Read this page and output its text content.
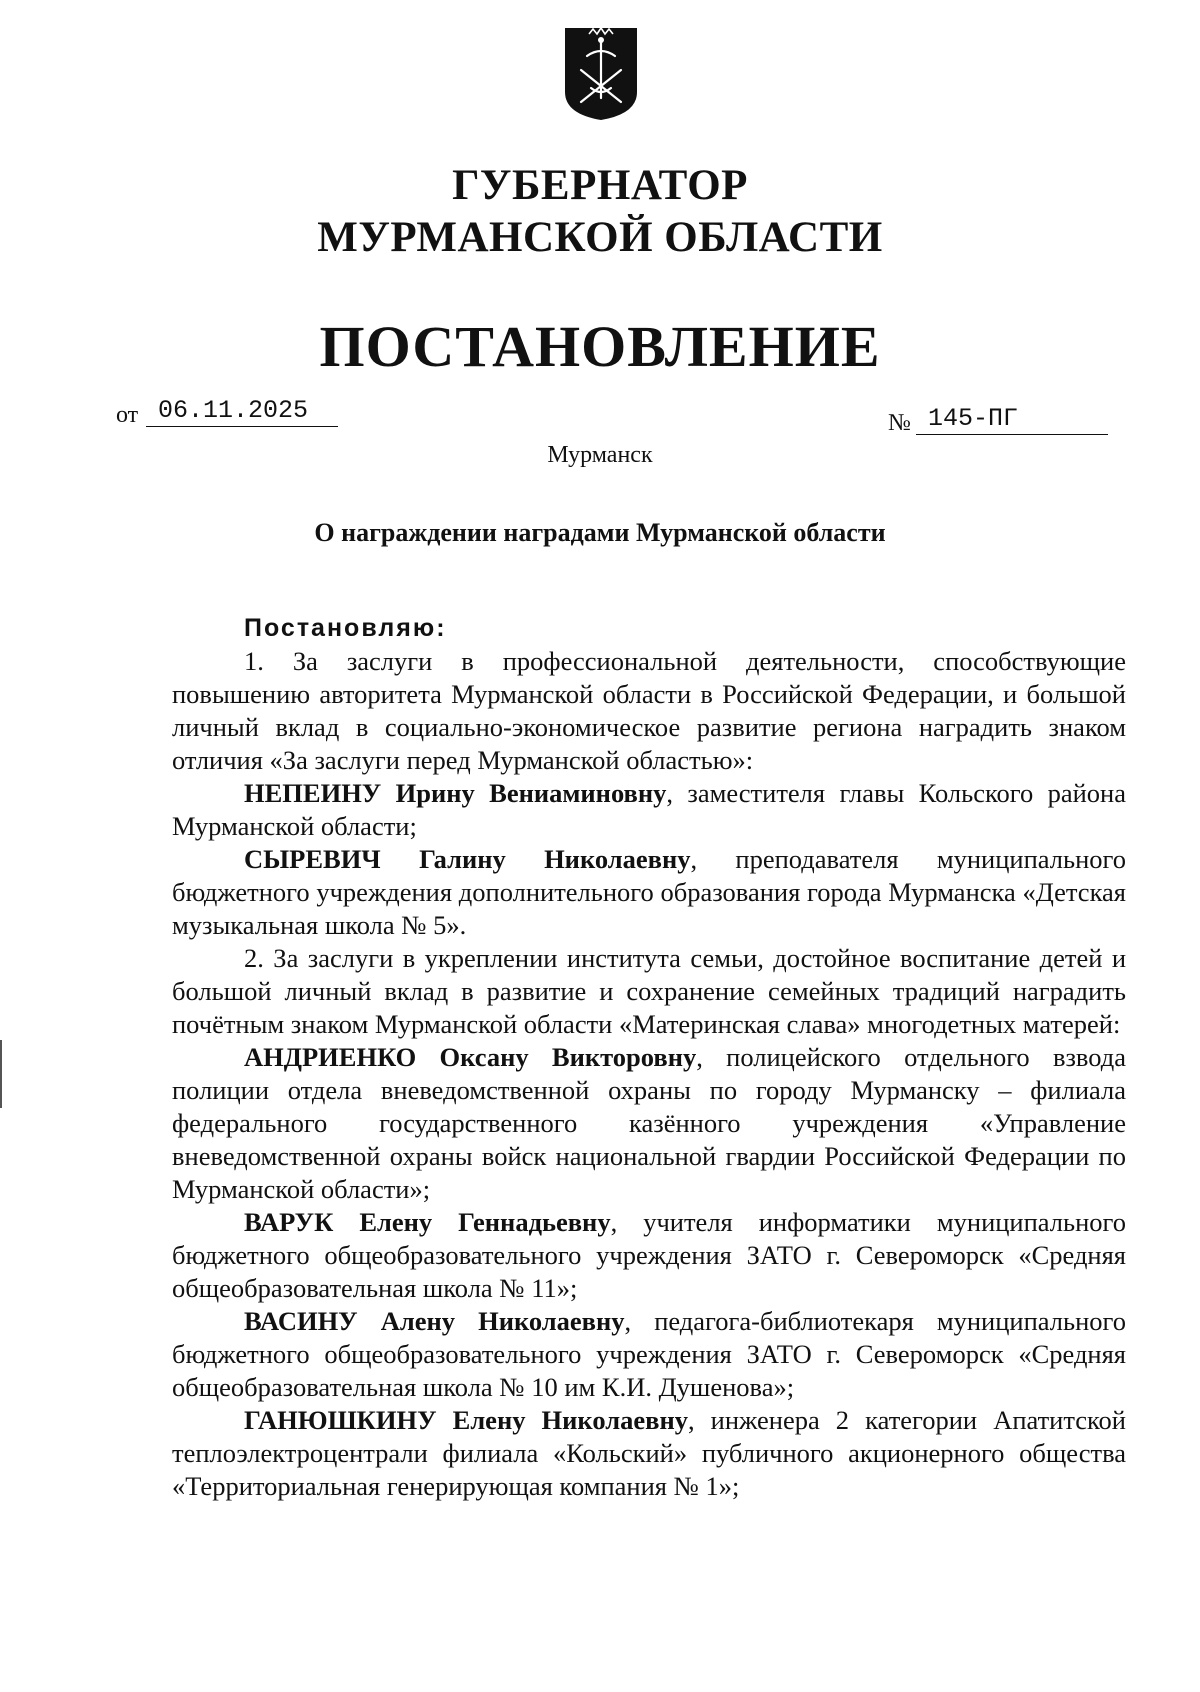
ГУБЕРНАТОР
МУРМАНСКОЙ ОБЛАСТИ
ПОСТАНОВЛЕНИЕ
от 06.11.2025	№ 145-ПГ
Мурманск
О награждении наградами Мурманской области

Постановляю:

1. За заслуги в профессиональной деятельности, способствующие повышению авторитета Мурманской области в Российской Федерации, и большой личный вклад в социально-экономическое развитие региона наградить знаком отличия «За заслуги перед Мурманской областью»:

НЕПЕИНУ Ирину Вениаминовну, заместителя главы Кольского района Мурманской области;

СЫРЕВИЧ Галину Николаевну, преподавателя муниципального бюджетного учреждения дополнительного образования города Мурманска «Детская музыкальная школа № 5».

2. За заслуги в укреплении института семьи, достойное воспитание детей и большой личный вклад в развитие и сохранение семейных традиций наградить почётным знаком Мурманской области «Материнская слава» многодетных матерей:

АНДРИЕНКО Оксану Викторовну, полицейского отдельного взвода полиции отдела вневедомственной охраны по городу Мурманску – филиала федерального государственного казённого учреждения «Управление вневедомственной охраны войск национальной гвардии Российской Федерации по Мурманской области»;

ВАРУК Елену Геннадьевну, учителя информатики муниципального бюджетного общеобразовательного учреждения ЗАТО г. Североморск «Средняя общеобразовательная школа № 11»;

ВАСИНУ Алену Николаевну, педагога-библиотекаря муниципального бюджетного общеобразовательного учреждения ЗАТО г. Североморск «Средняя общеобразовательная школа № 10 им К.И. Душенова»;

ГАНЮШКИНУ Елену Николаевну, инженера 2 категории Апатитской теплоэлектроцентрали филиала «Кольский» публичного акционерного общества «Территориальная генерирующая компания № 1»;
